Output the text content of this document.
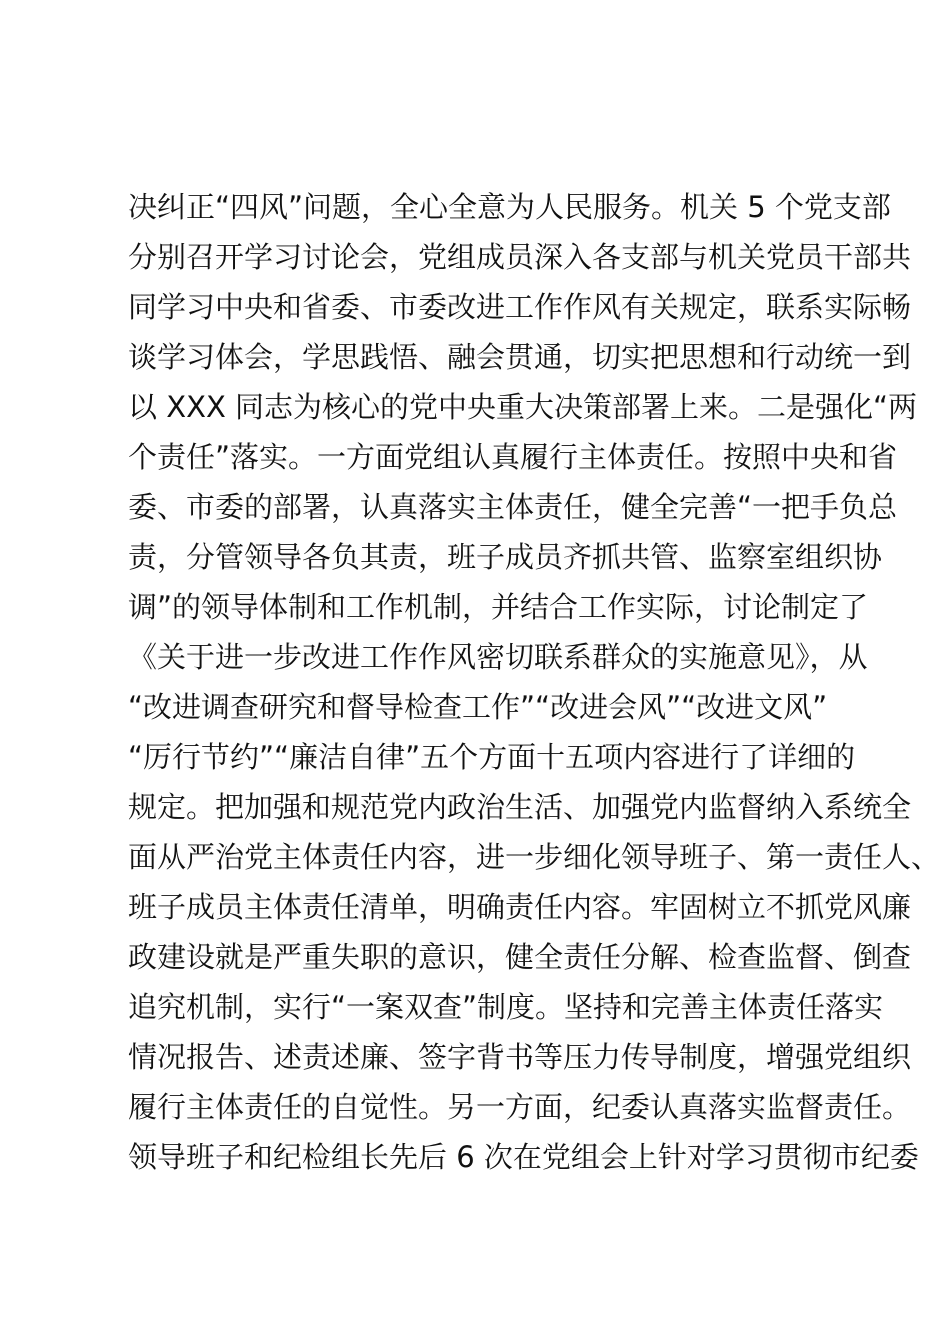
决纠正“四风”问题，全心全意为人民服务。机关 5 个党支部
分别召开学习讨论会，党组成员深入各支部与机关党员干部共
同学习中央和省委、市委改进工作作风有关规定，联系实际畅
谈学习体会，学思践悟、融会贯通，切实把思想和行动统一到
以 XXX 同志为核心的党中央重大决策部署上来。二是强化“两
个责任”落实。一方面党组认真履行主体责任。按照中央和省
委、市委的部署，认真落实主体责任，健全完善“一把手负总
责，分管领导各负其责，班子成员齐抓共管、监察室组织协
调”的领导体制和工作机制，并结合工作实际，讨论制定了
《关于进一步改进工作作风密切联系群众的实施意见》，从
“改进调查研究和督导检查工作”“改进会风”“改进文风”
“厉行节约”“廉洁自律”五个方面十五项内容进行了详细的
规定。把加强和规范党内政治生活、加强党内监督纳入系统全
面从严治党主体责任内容，进一步细化领导班子、第一责任人、
班子成员主体责任清单，明确责任内容。牢固树立不抓党风廉
政建设就是严重失职的意识，健全责任分解、检查监督、倒查
追究机制，实行“一案双查”制度。坚持和完善主体责任落实
情况报告、述责述廉、签字背书等压力传导制度，增强党组织
履行主体责任的自觉性。另一方面，纪委认真落实监督责任。
领导班子和纪检组长先后 6 次在党组会上针对学习贯彻市纪委
